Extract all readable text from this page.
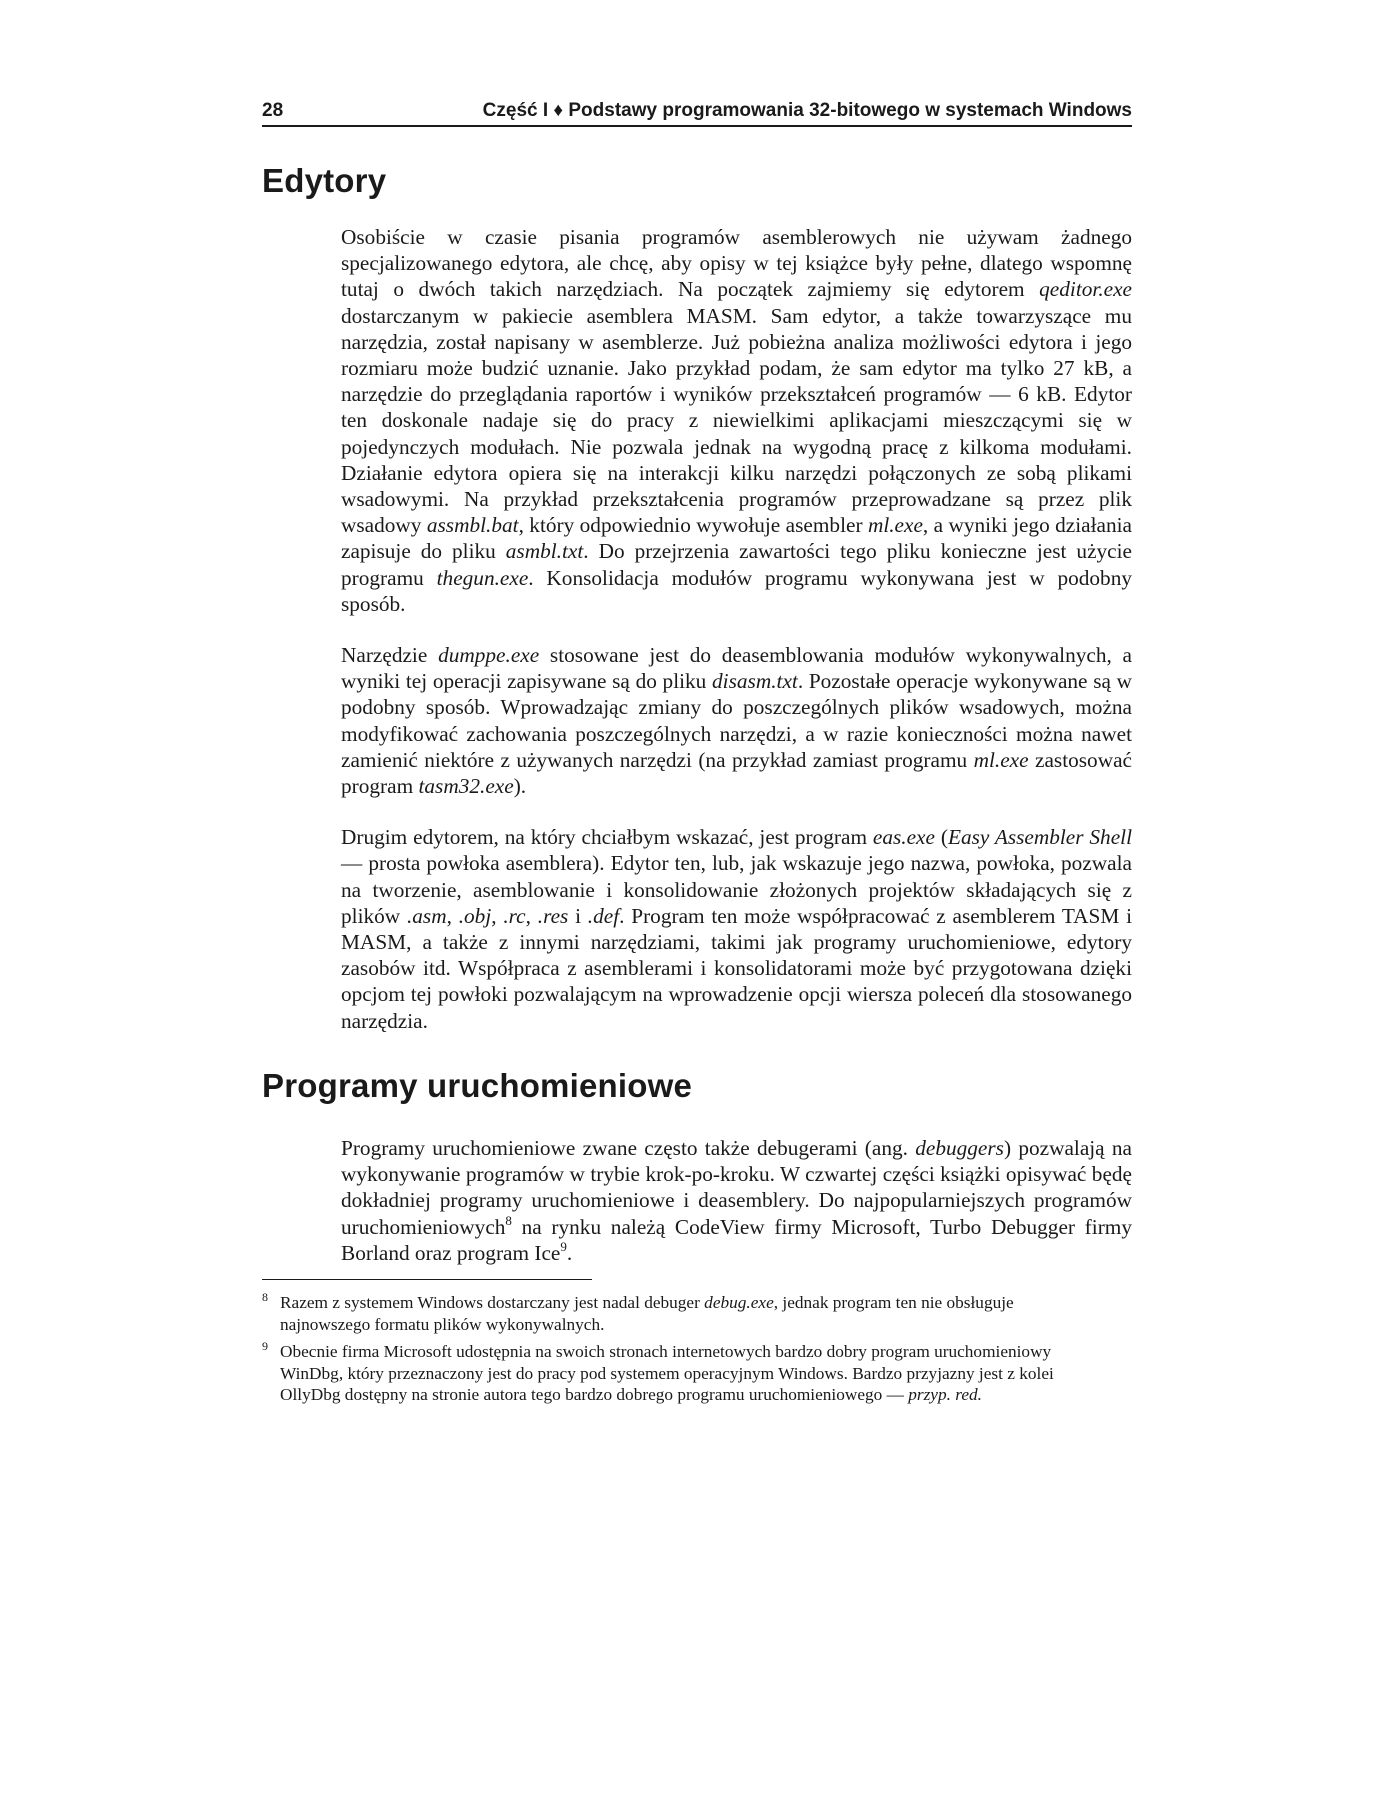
28	Część I ♦ Podstawy programowania 32-bitowego w systemach Windows
Edytory

Osobiście w czasie pisania programów asemblerowych nie używam żadnego specjalizowanego edytora, ale chcę, aby opisy w tej książce były pełne, dlatego wspomnę tutaj o dwóch takich narzędziach. Na początek zajmiemy się edytorem qeditor.exe dostarczanym w pakiecie asemblera MASM. Sam edytor, a także towarzyszące mu narzędzia, został napisany w asemblerze. Już pobieżna analiza możliwości edytora i jego rozmiaru może budzić uznanie. Jako przykład podam, że sam edytor ma tylko 27 kB, a narzędzie do przeglądania raportów i wyników przekształceń programów — 6 kB. Edytor ten doskonale nadaje się do pracy z niewielkimi aplikacjami mieszczącymi się w pojedynczych modułach. Nie pozwala jednak na wygodną pracę z kilkoma modułami. Działanie edytora opiera się na interakcji kilku narzędzi połączonych ze sobą plikami wsadowymi. Na przykład przekształcenia programów przeprowadzane są przez plik wsadowy assmbl.bat, który odpowiednio wywołuje asembler ml.exe, a wyniki jego działania zapisuje do pliku asmbl.txt. Do przejrzenia zawartości tego pliku konieczne jest użycie programu thegun.exe. Konsolidacja modułów programu wykonywana jest w podobny sposób.

Narzędzie dumppe.exe stosowane jest do deasemblowania modułów wykonywalnych, a wyniki tej operacji zapisywane są do pliku disasm.txt. Pozostałe operacje wykonywane są w podobny sposób. Wprowadzając zmiany do poszczególnych plików wsadowych, można modyfikować zachowania poszczególnych narzędzi, a w razie konieczności można nawet zamienić niektóre z używanych narzędzi (na przykład zamiast programu ml.exe zastosować program tasm32.exe).

Drugim edytorem, na który chciałbym wskazać, jest program eas.exe (Easy Assembler Shell — prosta powłoka asemblera). Edytor ten, lub, jak wskazuje jego nazwa, powłoka, pozwala na tworzenie, asemblowanie i konsolidowanie złożonych projektów składających się z plików .asm, .obj, .rc, .res i .def. Program ten może współpracować z asemblerem TASM i MASM, a także z innymi narzędziami, takimi jak programy uruchomieniowe, edytory zasobów itd. Współpraca z asemblerami i konsolidatorami może być przygotowana dzięki opcjom tej powłoki pozwalającym na wprowadzenie opcji wiersza poleceń dla stosowanego narzędzia.

Programy uruchomieniowe

Programy uruchomieniowe zwane często także debugerami (ang. debuggers) pozwalają na wykonywanie programów w trybie krok-po-kroku. W czwartej części książki opisywać będę dokładniej programy uruchomieniowe i deasemblery. Do najpopularniejszych programów uruchomieniowych$^8$ na rynku należą CodeView firmy Microsoft, Turbo Debugger firmy Borland oraz program Ice$^9$.

8 Razem z systemem Windows dostarczany jest nadal debuger debug.exe, jednak program ten nie obsługuje najnowszego formatu plików wykonywalnych.
9 Obecnie firma Microsoft udostępnia na swoich stronach internetowych bardzo dobry program uruchomieniowy WinDbg, który przeznaczony jest do pracy pod systemem operacyjnym Windows. Bardzo przyjazny jest z kolei OllyDbg dostępny na stronie autora tego bardzo dobrego programu uruchomieniowego — przyp. red.
